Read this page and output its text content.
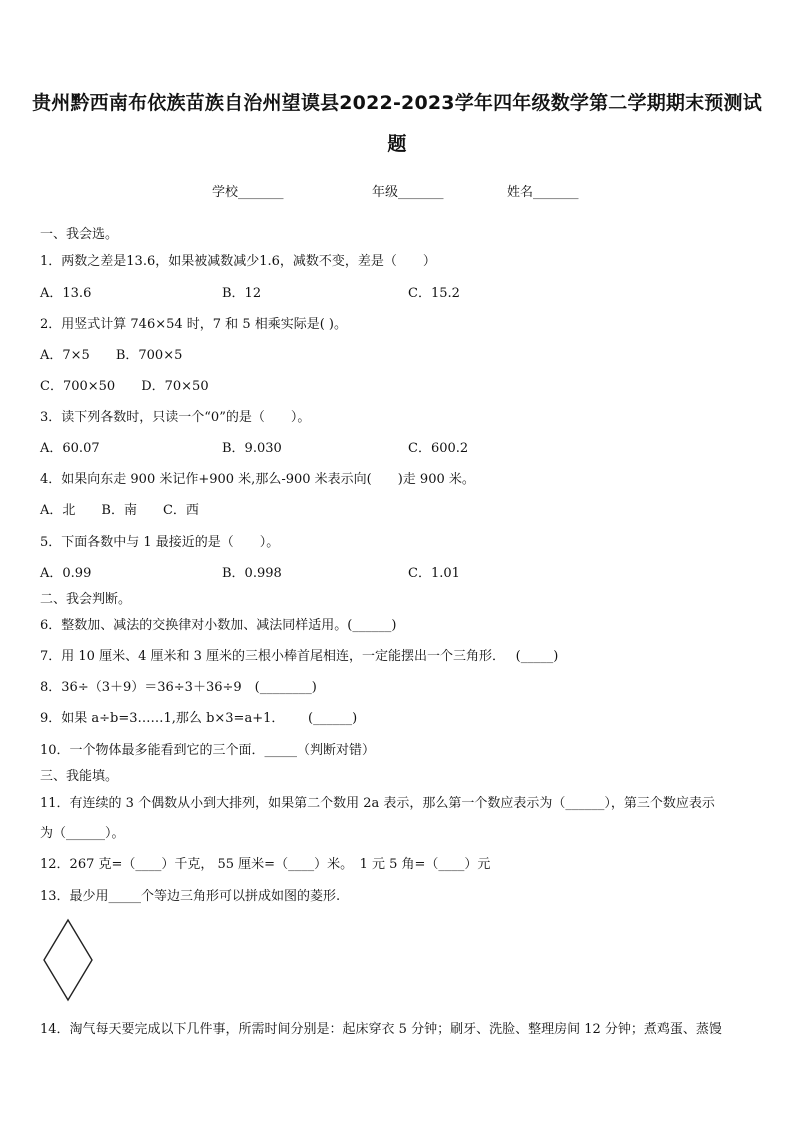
贵州黔西南布依族苗族自治州望谟县2022-2023学年四年级数学第二学期期末预测试
题
学校_______	年级_______	姓名_______
一、我会选。
1．两数之差是13.6，如果被减数减少1.6，减数不变，差是（　　）
A．13.6	B．12	C．15.2
2．用竖式计算 746×54 时，7 和 5 相乘实际是( )。
A．7×5　　B．700×5
C．700×50　　D．70×50
3．读下列各数时，只读一个“0”的是（　　）。
A．60.07	B．9.030	C．600.2
4．如果向东走 900 米记作+900 米,那么-900 米表示向(　　)走 900 米。
A．北　　B．南　　C．西
5．下面各数中与 1 最接近的是（　　）。
A．0.99	B．0.998	C．1.01
二、我会判断。
6．整数加、减法的交换律对小数加、减法同样适用。(______)
7．用 10 厘米、4 厘米和 3 厘米的三根小棒首尾相连，一定能摆出一个三角形．　 (_____)
8．36÷（3＋9）＝36÷3＋36÷9　(________)
9．如果 a÷b=3……1,那么 b×3=a+1．　　 (______)
10．一个物体最多能看到它的三个面．_____（判断对错）
三、我能填。
11．有连续的 3 个偶数从小到大排列，如果第二个数用 2a 表示，那么第一个数应表示为（______），第三个数应表示
为（______）。
12．267 克=（____）千克， 55 厘米=（____）米。　1 元 5 角=（____）元
13．最少用_____个等边三角形可以拼成如图的菱形.
14．淘气每天要完成以下几件事，所需时间分别是：起床穿衣 5 分钟；刷牙、洗脸、整理房间 12 分钟；煮鸡蛋、蒸馒
